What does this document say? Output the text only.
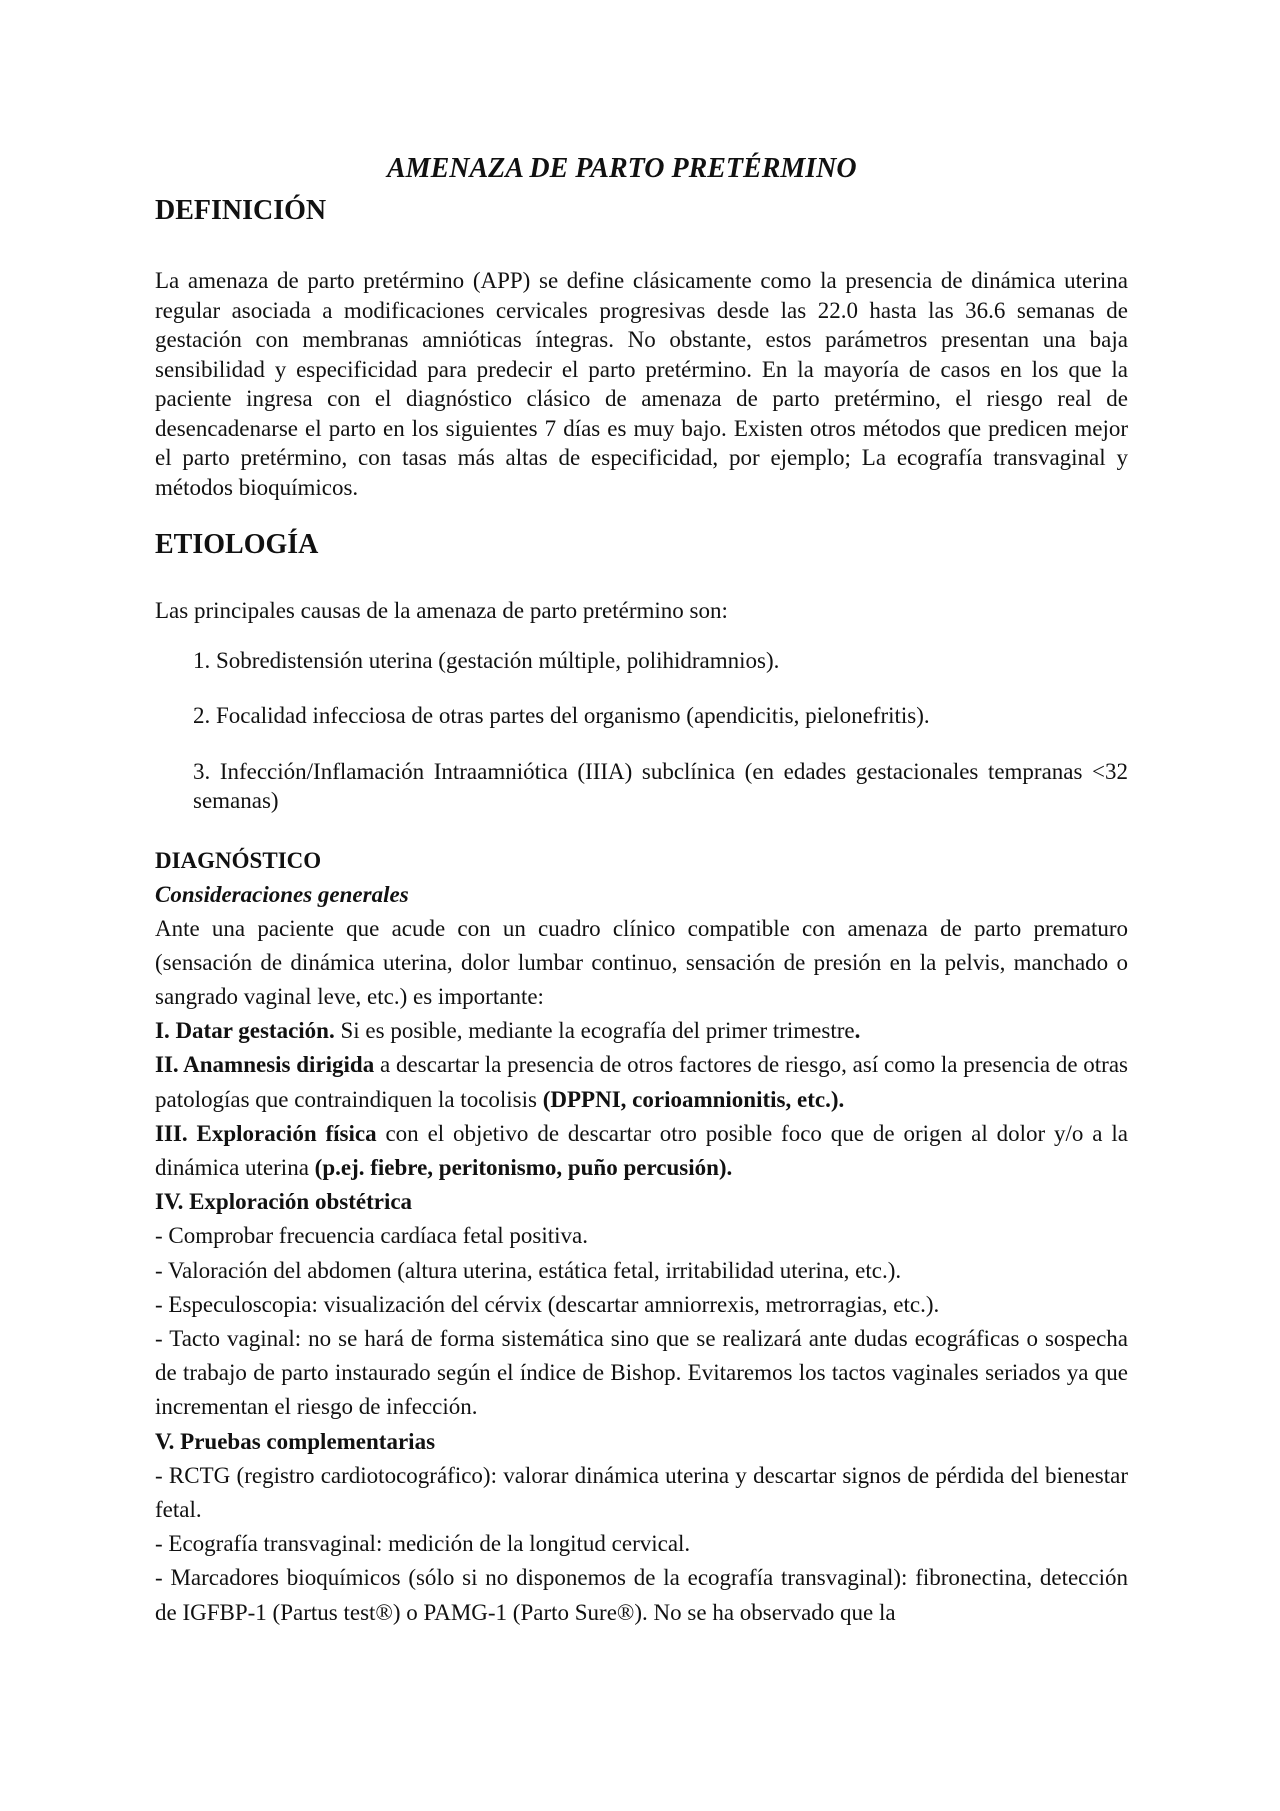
AMENAZA DE PARTO PRETÉRMINO
DEFINICIÓN

La amenaza de parto pretérmino (APP) se define clásicamente como la presencia de dinámica uterina regular asociada a modificaciones cervicales progresivas desde las 22.0 hasta las 36.6 semanas de gestación con membranas amnióticas íntegras. No obstante, estos parámetros presentan una baja sensibilidad y especificidad para predecir el parto pretérmino. En la mayoría de casos en los que la paciente ingresa con el diagnóstico clásico de amenaza de parto pretérmino, el riesgo real de desencadenarse el parto en los siguientes 7 días es muy bajo. Existen otros métodos que predicen mejor el parto pretérmino, con tasas más altas de especificidad, por ejemplo; La ecografía transvaginal y métodos bioquímicos.

ETIOLOGÍA

Las principales causas de la amenaza de parto pretérmino son:

1. Sobredistensión uterina (gestación múltiple, polihidramnios).

2. Focalidad infecciosa de otras partes del organismo (apendicitis, pielonefritis).

3. Infección/Inflamación Intraamniótica (IIIA) subclínica (en edades gestacionales tempranas <32 semanas)

DIAGNÓSTICO
Consideraciones generales

Ante una paciente que acude con un cuadro clínico compatible con amenaza de parto prematuro (sensación de dinámica uterina, dolor lumbar continuo, sensación de presión en la pelvis, manchado o sangrado vaginal leve, etc.) es importante:

I. Datar gestación. Si es posible, mediante la ecografía del primer trimestre.

II. Anamnesis dirigida a descartar la presencia de otros factores de riesgo, así como la presencia de otras patologías que contraindiquen la tocolisis (DPPNI, corioamnionitis, etc.).

III. Exploración física con el objetivo de descartar otro posible foco que de origen al dolor y/o a la dinámica uterina (p.ej. fiebre, peritonismo, puño percusión).

IV. Exploración obstétrica

- Comprobar frecuencia cardíaca fetal positiva.

- Valoración del abdomen (altura uterina, estática fetal, irritabilidad uterina, etc.).

- Especuloscopia: visualización del cérvix (descartar amniorrexis, metrorragias, etc.).

- Tacto vaginal: no se hará de forma sistemática sino que se realizará ante dudas ecográficas o sospecha de trabajo de parto instaurado según el índice de Bishop. Evitaremos los tactos vaginales seriados ya que incrementan el riesgo de infección.

V. Pruebas complementarias

- RCTG (registro cardiotocográfico): valorar dinámica uterina y descartar signos de pérdida del bienestar fetal.

- Ecografía transvaginal: medición de la longitud cervical.

- Marcadores bioquímicos (sólo si no disponemos de la ecografía transvaginal): fibronectina, detección de IGFBP-1 (Partus test®) o PAMG-1 (Parto Sure®). No se ha observado que la
